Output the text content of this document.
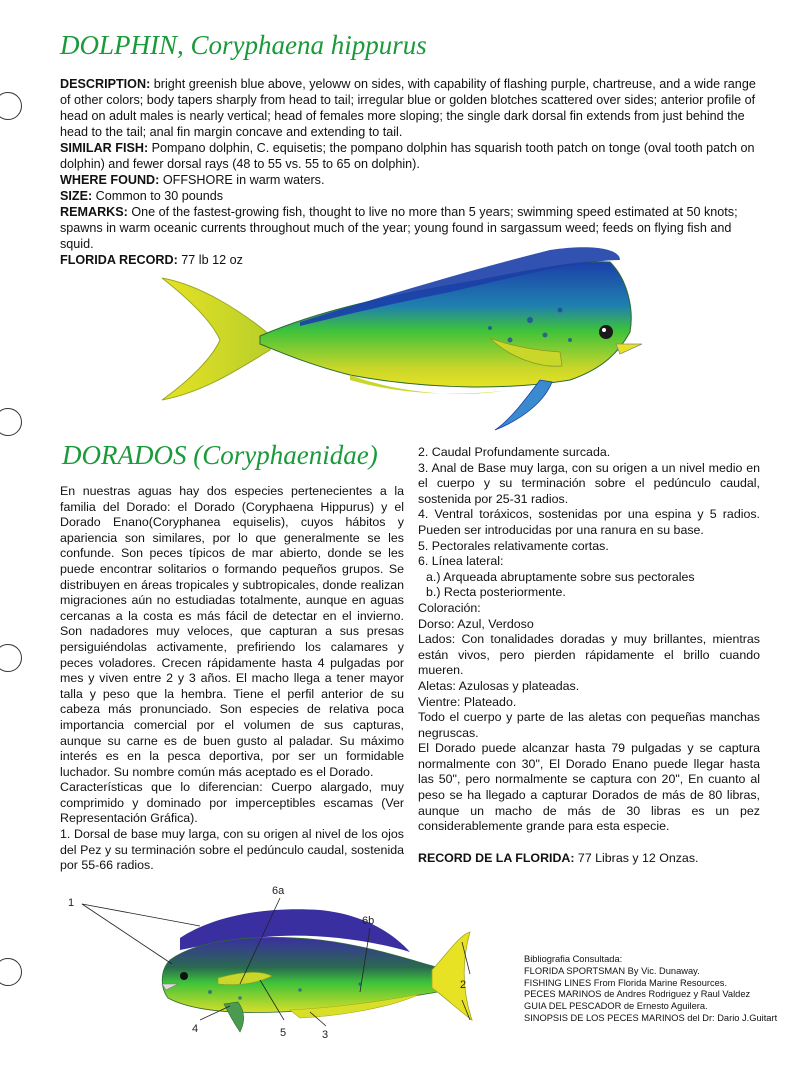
DOLPHIN, Coryphaena hippurus

DESCRIPTION: bright greenish blue above, yeloww on sides, with capability of flashing purple, chartreuse, and a wide range of other colors; body tapers sharply from head to tail; irregular blue or golden blotches scattered over sides; anterior profile of head on adult males is nearly vertical; head of females more sloping; the single dark dorsal fin extends from just behind the head to the tail; anal fin margin concave and extending to tail.

SIMILAR FISH: Pompano dolphin, C. equisetis; the pompano dolphin has squarish tooth patch on tonge (oval tooth patch on dolphin) and fewer dorsal rays (48 to 55 vs. 55 to 65 on dolphin).

WHERE FOUND: OFFSHORE in warm waters.

SIZE: Common to 30 pounds

REMARKS: One of the fastest-growing fish, thought to live no more than 5 years; swimming speed estimated at 50 knots; spawns in warm oceanic currents throughout much of the year; young found in sargassum weed; feeds on flying fish and squid.

FLORIDA RECORD: 77 lb 12 oz

DORADOS (Coryphaenidae)

En nuestras aguas hay dos especies pertenecientes a la familia del Dorado: el Dorado (Coryphaena Hippurus) y el Dorado Enano(Coryphanea equiselis), cuyos hábitos y apariencia son similares, por lo que generalmente se les confunde. Son peces típicos de mar abierto, donde se les puede encontrar solitarios o formando pequeños grupos. Se distribuyen en áreas tropicales y subtropicales, donde realizan migraciones aún no estudiadas totalmente, aunque en aguas cercanas a la costa es más fácil de detectar en el invierno. Son nadadores muy veloces, que capturan a sus presas persiguiéndolas activamente, prefiriendo los calamares y peces voladores. Crecen rápidamente hasta 4 pulgadas por mes y viven entre 2 y 3 años. El macho llega a tener mayor talla y peso que la hembra. Tiene el perfil anterior de su cabeza más pronunciado. Son especies de relativa poca importancia comercial por el volumen de sus capturas, aunque su carne es de buen gusto al paladar. Su máximo interés es en la pesca deportiva, por ser un formidable luchador. Su nombre común más aceptado es el Dorado.

Características que lo diferencian: Cuerpo alargado, muy comprimido y dominado por imperceptibles escamas (Ver Representación Gráfica).

1. Dorsal de base muy larga, con su origen al nivel de los ojos del Pez y su terminación sobre el pedúnculo caudal, sostenida por 55-66 radios.

2. Caudal Profundamente surcada.

3. Anal de Base muy larga, con su origen a un nivel medio en el cuerpo y su terminación sobre el pedúnculo caudal, sostenida por 25-31 radios.

4. Ventral toráxicos, sostenidas por una espina y 5 radios. Pueden ser introducidas por una ranura en su base.

5. Pectorales relativamente cortas.

6. Línea lateral:

a.) Arqueada abruptamente sobre sus pectorales

b.) Recta posteriormente.

Coloración:

Dorso: Azul, Verdoso

Lados: Con tonalidades doradas y muy brillantes, mientras están vivos, pero pierden rápidamente el brillo cuando mueren.

Aletas: Azulosas y plateadas.

Vientre: Plateado.

Todo el cuerpo y parte de las aletas con pequeñas manchas negruscas.

El Dorado puede alcanzar hasta 79 pulgadas y se captura normalmente con 30", El Dorado Enano puede llegar hasta las 50", pero normalmente se captura con 20", En cuanto al peso se ha llegado a capturar Dorados de más de 80 libras, aunque un macho de más de 30 libras es un pez considerablemente grande para esta especie.

RECORD DE LA FLORIDA: 77 Libras y 12 Onzas.

1
6a
6b
2
4	5	3

Bibliografia Consultada:

FLORIDA SPORTSMAN By Vic. Dunaway.

FISHING LINES From Florida Marine Resources.

PECES MARINOS de Andres Rodriguez y Raul Valdez

GUIA DEL PESCADOR de Ernesto Aguilera.

SINOPSIS DE LOS PECES MARINOS del Dr: Dario J.Guitart
